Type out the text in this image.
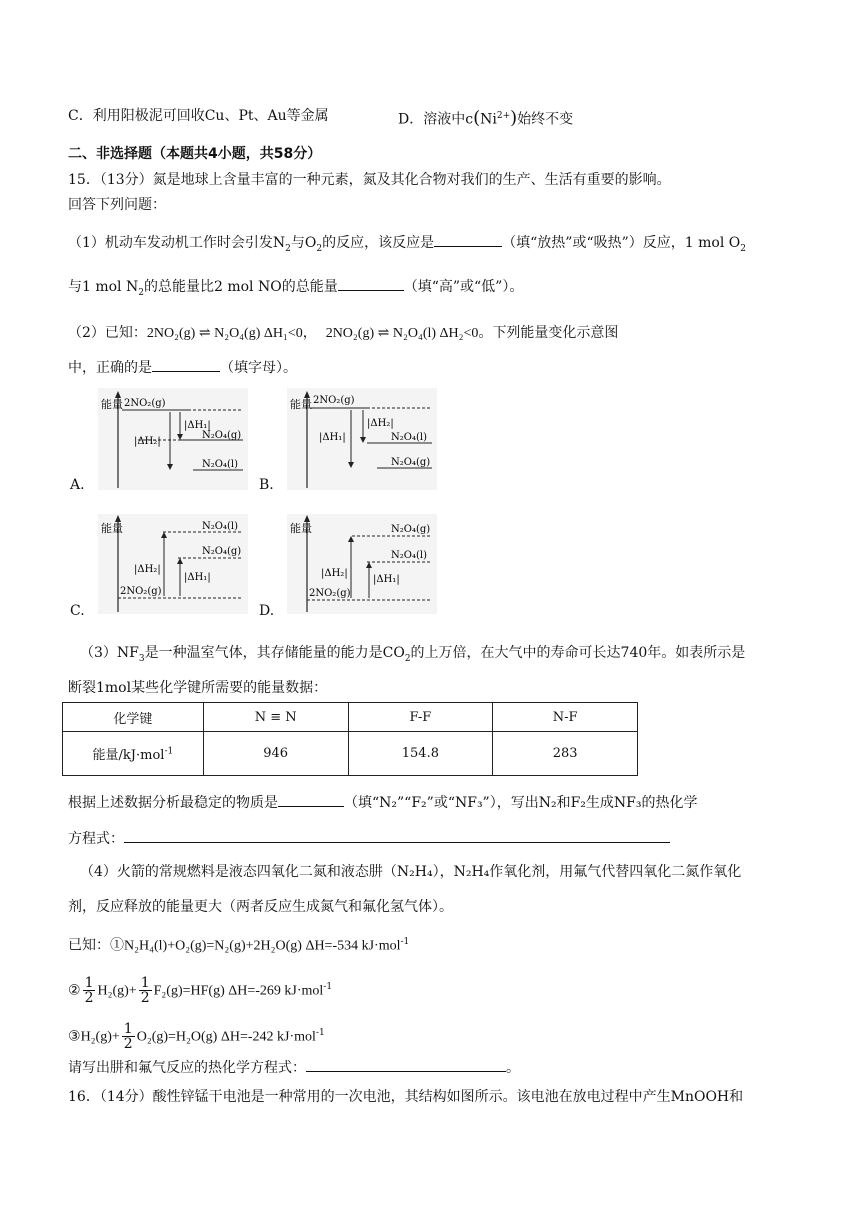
C．利用阳极泥可回收Cu、Pt、Au等金属	D．溶液中$c(Ni^{2+})$始终不变
二、非选择题（本题共4小题，共58分）
15．（13分）氮是地球上含量丰富的一种元素，氮及其化合物对我们的生产、生活有重要的影响。
回答下列问题：
（1）机动车发动机工作时会引发$N_2$与$O_2$的反应，该反应是	（填“放热”或“吸热”）反应，1 mol $O_2$
与1 mol $N_2$的总能量比2 mol NO的总能量	（填“高”或“低”）。
（2）已知：2NO₂(g) ⇌ N₂O₄(g) ΔH₁<0， 2NO₂(g) ⇌ N₂O₄(l) ΔH₂<0。下列能量变化示意图
中，正确的是	（填字母）。
能量 2NO₂(g)
N₂O₄(g)
N₂O₄(l)
|ΔH₂|
|ΔH₁|
A.
能量 2NO₂(g)
N₂O₄(l)
N₂O₄(g)
|ΔH₁|
|ΔH₂|
B.
能量	N₂O₄(l)
N₂O₄(g)
2NO₂(g)
|ΔH₂|
|ΔH₁|
C.
能量	N₂O₄(g)
N₂O₄(l)
2NO₂(g)
|ΔH₂|
|ΔH₁|
D.
$(3)NF_3$是一种温室气体，其存储能量的能力是$CO_2$的上万倍，在大气中的寿命可长达740年。如表所示是
断裂1mol某些化学键所需要的能量数据：
化学键	N ≡ N	F-F	N-F
能量/kJ·mol$^{-1}$	946	154.8	283
根据上述数据分析最稳定的物质是	（填“N₂”“F₂”或“NF₃”），写出N₂和F₂生成NF₃的热化学
方程式：
（4）火箭的常规燃料是液态四氧化二氮和液态肼（N₂H₄），N₂H₄作氧化剂，用氟气代替四氧化二氮作氧化
剂，反应释放的能量更大（两者反应生成氮气和氟化氢气体）。
已知：①N₂H₄(l)+O₂(g)=N₂(g)+2H₂O(g) ΔH=-534 kJ·mol$^{-1}$
② $\frac{1}{2} H_2(g)+ \frac{1}{2} F_2(g)=HF(g)$ ΔH=-269 kJ·mol$^{-1}$
③H₂(g)+ $\frac{1}{2} O_2(g)=H_2O(g)$ ΔH=-242 kJ·mol$^{-1}$
请写出肼和氟气反应的热化学方程式：	。
16．（14分）酸性锌锰干电池是一种常用的一次电池，其结构如图所示。该电池在放电过程中产生MnOOH和
